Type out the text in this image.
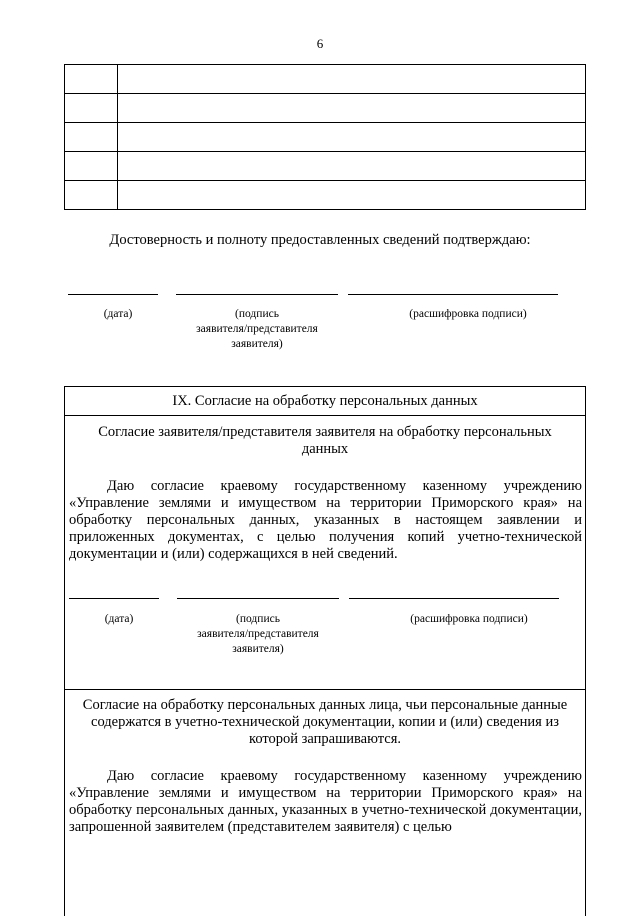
6

Достоверность и полноту предоставленных сведений подтверждаю:
(дата)	(подпись
заявителя/представителя
заявителя)
(расшифровка подписи)
IX. Согласие на обработку персональных данных
Согласие заявителя/представителя заявителя на обработку персональных данных
Даю согласие краевому государственному казенному учреждению «Управление землями и имуществом на территории Приморского края» на обработку персональных данных, указанных в настоящем заявлении и приложенных документах, с целью получения копий учетно-технической документации и (или) содержащихся в ней сведений.
(дата)	(подпись
заявителя/представителя
заявителя)
(расшифровка подписи)
Согласие на обработку персональных данных лица, чьи персональные данные содержатся в учетно-технической документации, копии и (или) сведения из которой запрашиваются.
Даю согласие краевому государственному казенному учреждению «Управление землями и имуществом на территории Приморского края» на обработку персональных данных, указанных в учетно-технической документации, запрошенной заявителем (представителем заявителя) с целью
